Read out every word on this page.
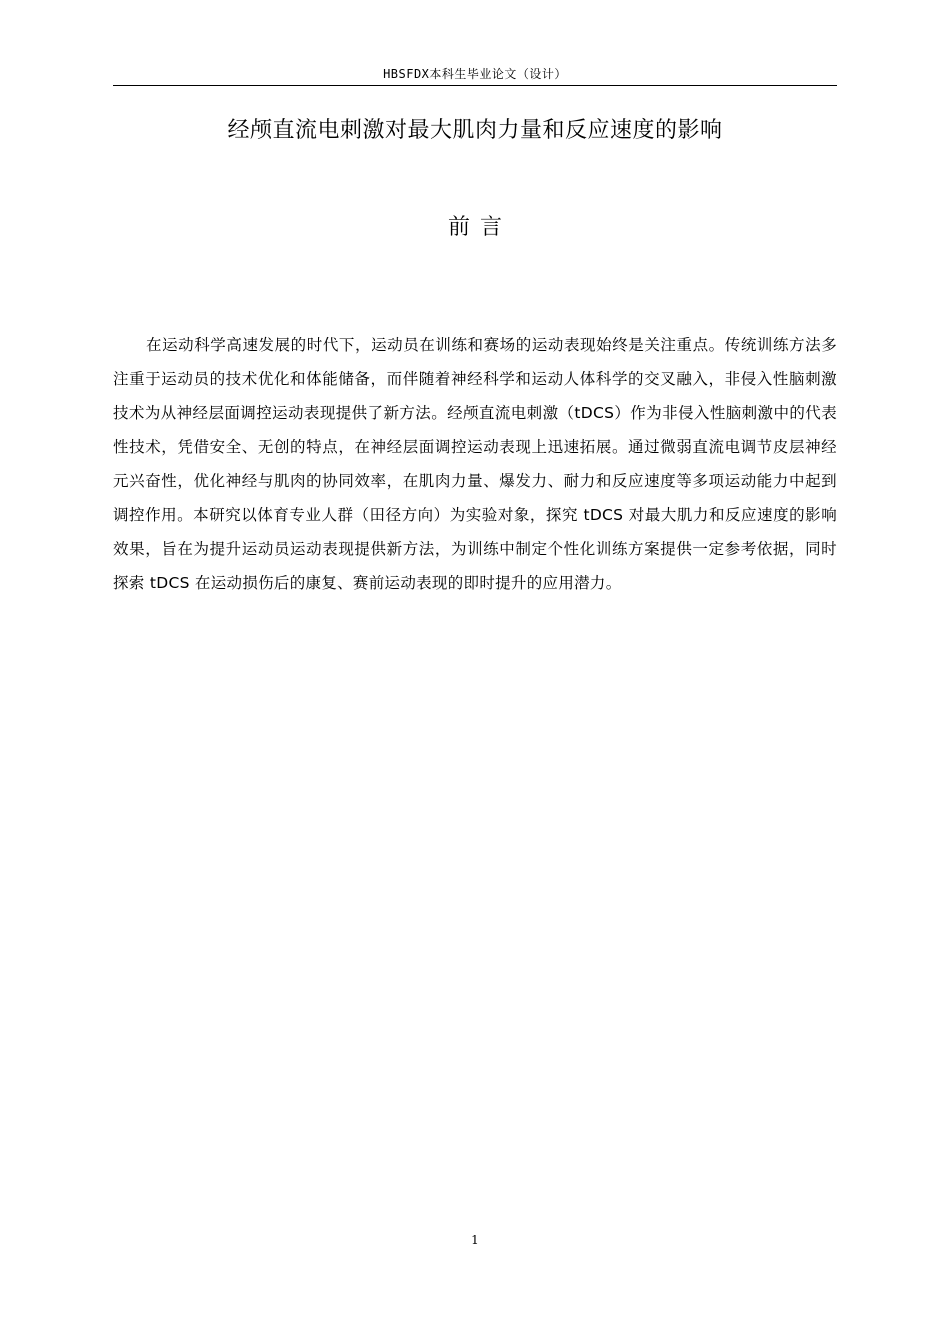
HBSFDX本科生毕业论文（设计）
经颅直流电刺激对最大肌肉力量和反应速度的影响
前言

在运动科学高速发展的时代下，运动员在训练和赛场的运动表现始终是关注重点。传统训练方法多注重于运动员的技术优化和体能储备，而伴随着神经科学和运动人体科学的交叉融入，非侵入性脑刺激技术为从神经层面调控运动表现提供了新方法。经颅直流电刺激（tDCS）作为非侵入性脑刺激中的代表性技术，凭借安全、无创的特点，在神经层面调控运动表现上迅速拓展。通过微弱直流电调节皮层神经元兴奋性，优化神经与肌肉的协同效率，在肌肉力量、爆发力、耐力和反应速度等多项运动能力中起到调控作用。本研究以体育专业人群（田径方向）为实验对象，探究 tDCS 对最大肌力和反应速度的影响效果，旨在为提升运动员运动表现提供新方法，为训练中制定个性化训练方案提供一定参考依据，同时探索 tDCS 在运动损伤后的康复、赛前运动表现的即时提升的应用潜力。

1
